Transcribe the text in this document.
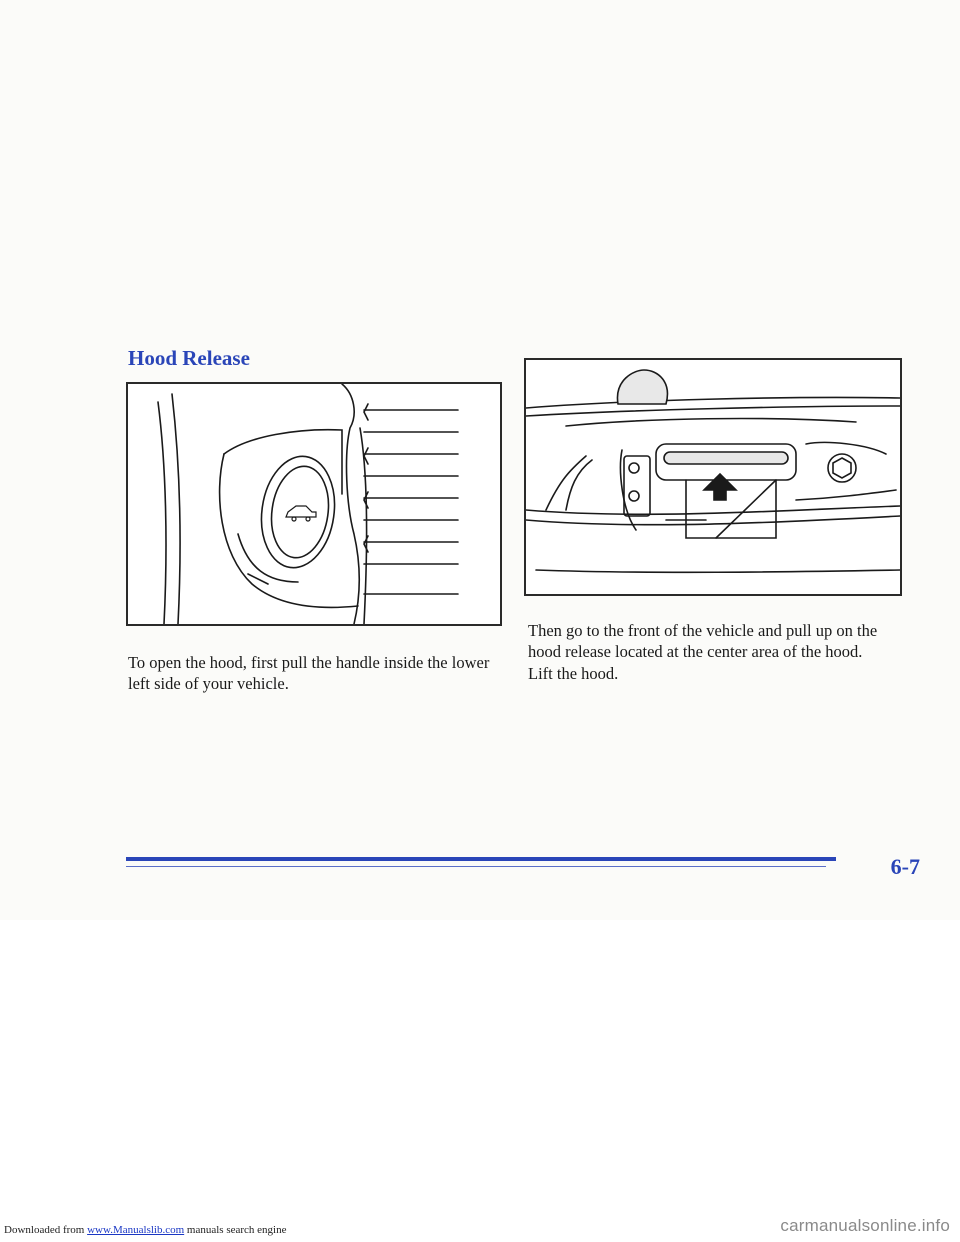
Hood Release

To open the hood, first pull the handle inside the lower left side of your vehicle.

Then go to the front of the vehicle and pull up on the hood release located at the center area of the hood.

Lift the hood.

6-7
Downloaded from www.Manualslib.com manuals search engine	carmanualsonline.info
